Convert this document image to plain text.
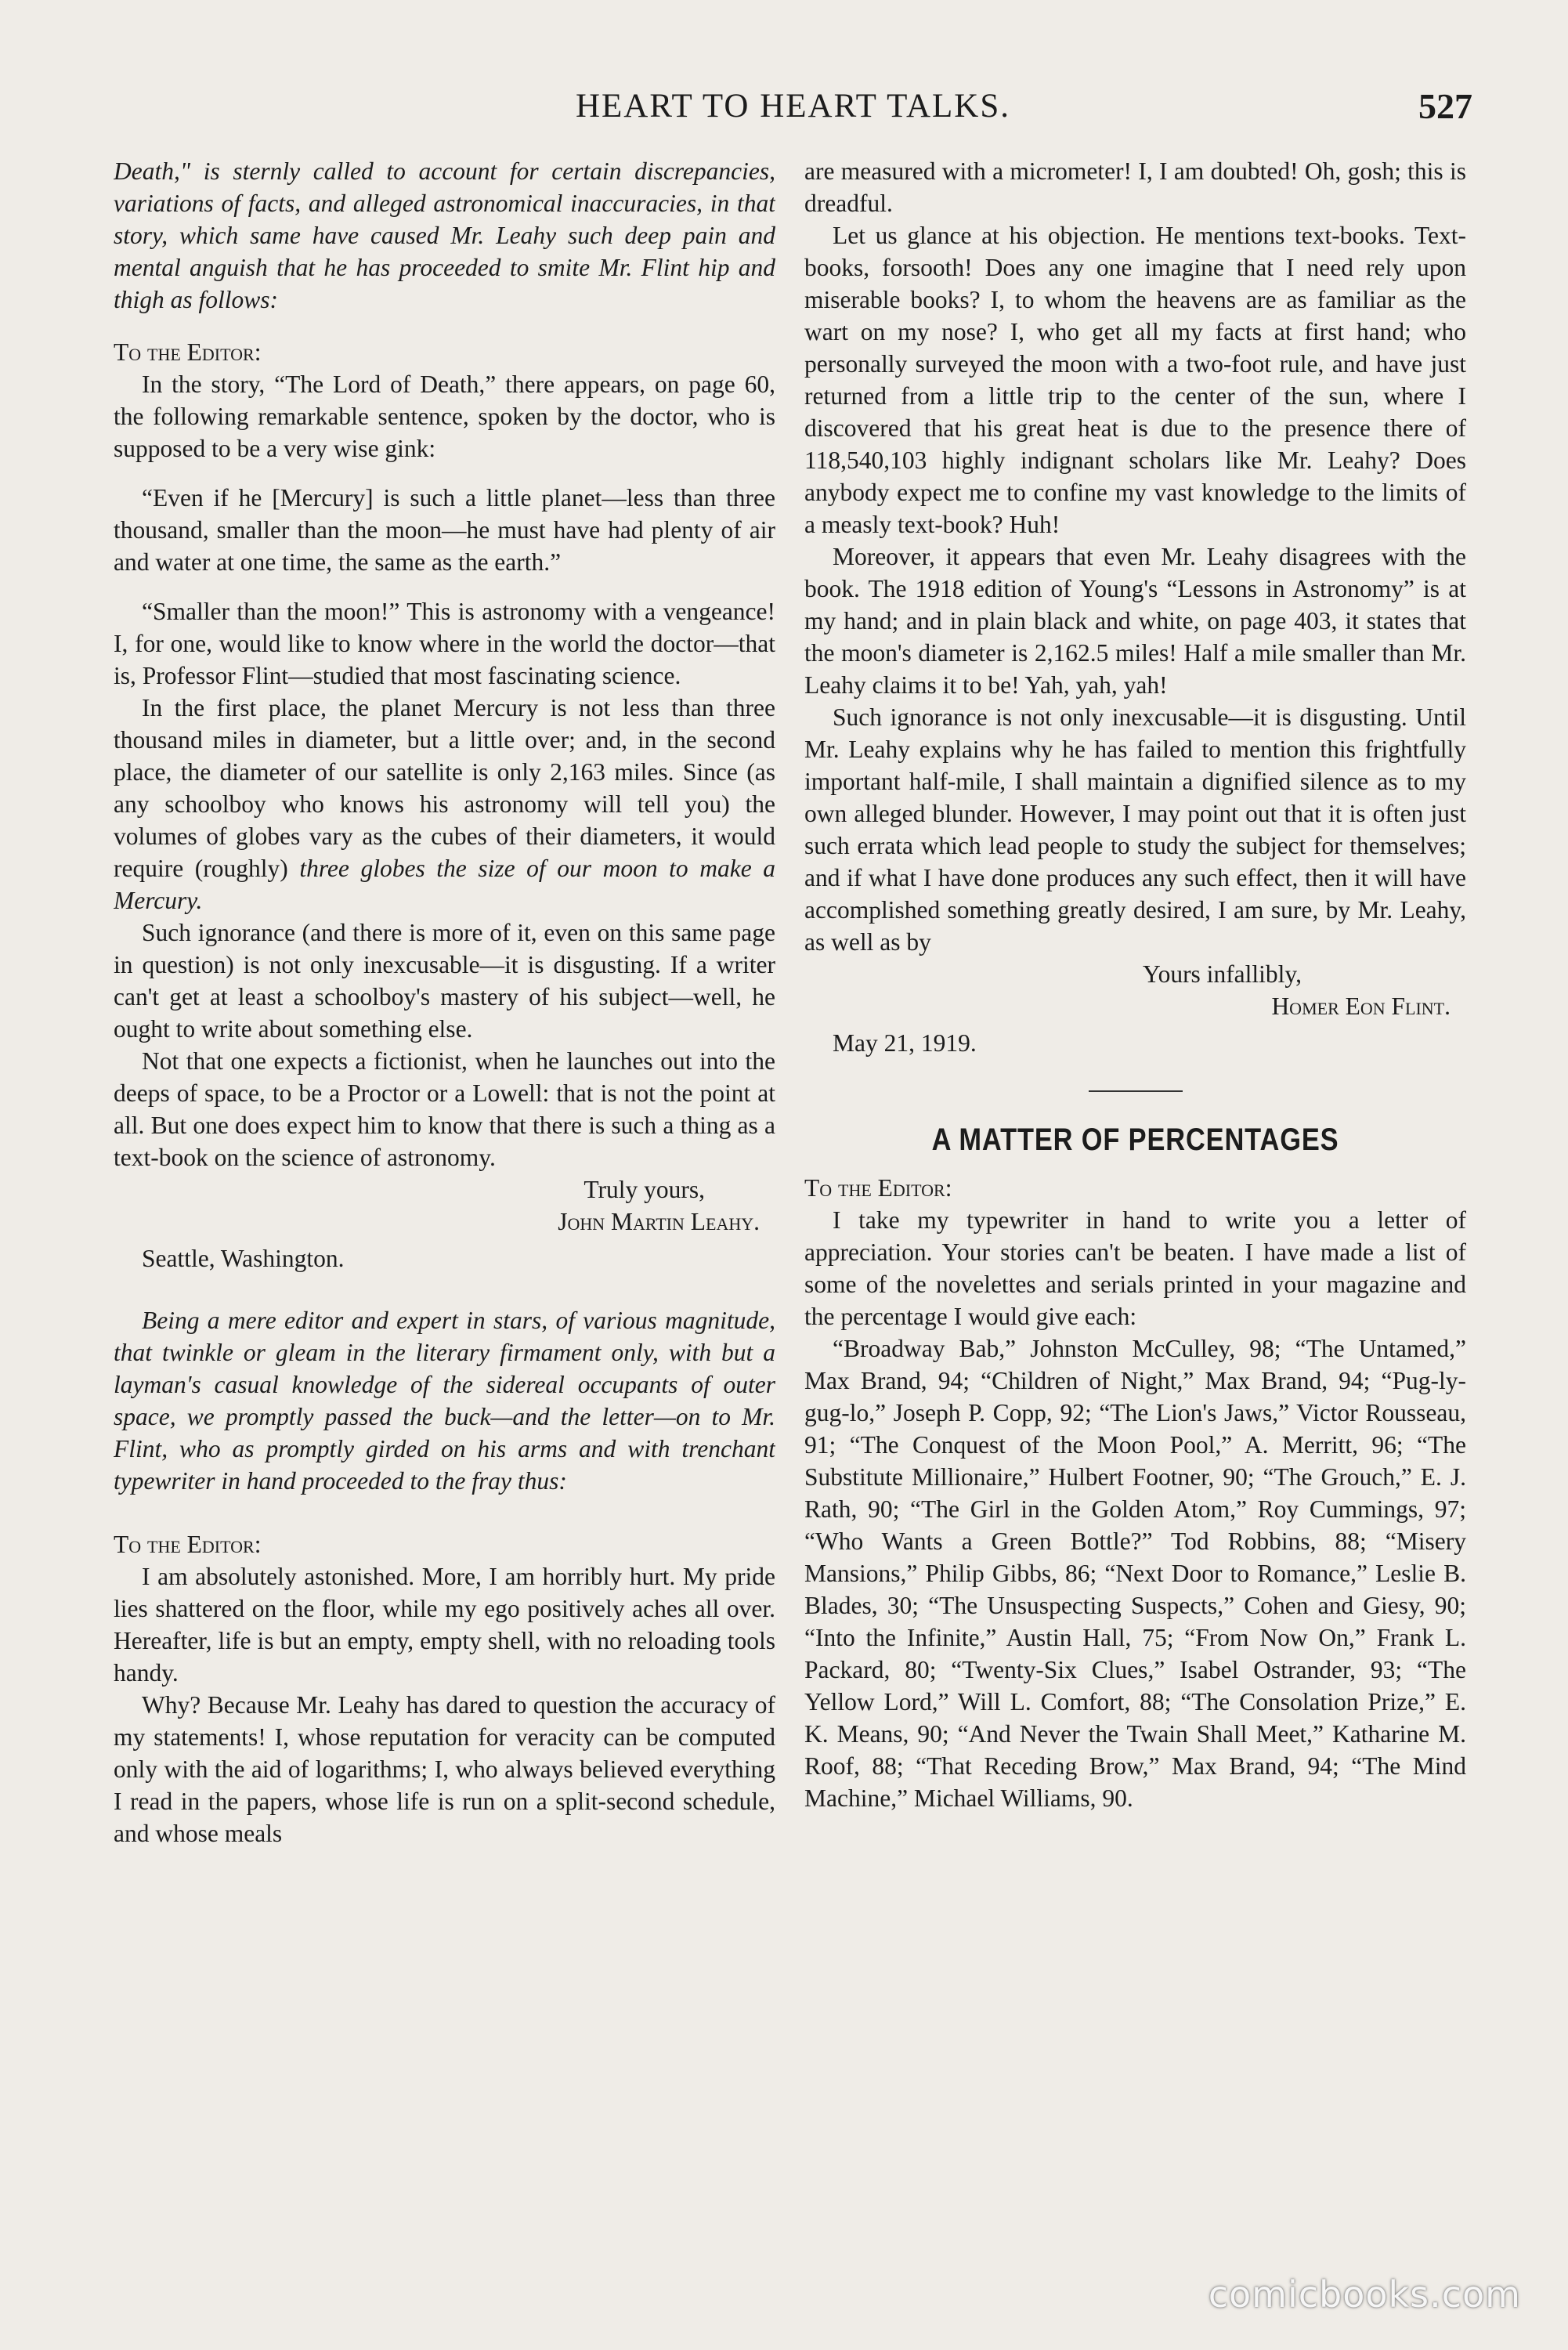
HEART TO HEART TALKS.	527

Death," is sternly called to account for certain discrepancies, variations of facts, and alleged astronomical inaccuracies, in that story, which same have caused Mr. Leahy such deep pain and mental anguish that he has proceeded to smite Mr. Flint hip and thigh as follows:

To the Editor:

In the story, “The Lord of Death,” there appears, on page 60, the following remarkable sentence, spoken by the doctor, who is supposed to be a very wise gink:

“Even if he [Mercury] is such a little planet—less than three thousand, smaller than the moon—he must have had plenty of air and water at one time, the same as the earth.”

“Smaller than the moon!” This is astronomy with a vengeance! I, for one, would like to know where in the world the doctor—that is, Professor Flint—studied that most fascinating science.

In the first place, the planet Mercury is not less than three thousand miles in diameter, but a little over; and, in the second place, the diameter of our satellite is only 2,163 miles. Since (as any schoolboy who knows his astronomy will tell you) the volumes of globes vary as the cubes of their diameters, it would require (roughly) three globes the size of our moon to make a Mercury.

Such ignorance (and there is more of it, even on this same page in question) is not only inexcusable—it is disgusting. If a writer can't get at least a schoolboy's mastery of his subject—well, he ought to write about something else.

Not that one expects a fictionist, when he launches out into the deeps of space, to be a Proctor or a Lowell: that is not the point at all. But one does expect him to know that there is such a thing as a text-book on the science of astronomy.

Truly yours,

John Martin Leahy.

Seattle, Washington.

Being a mere editor and expert in stars, of various magnitude, that twinkle or gleam in the literary firmament only, with but a layman's casual knowledge of the sidereal occupants of outer space, we promptly passed the buck—and the letter—on to Mr. Flint, who as promptly girded on his arms and with trenchant typewriter in hand proceeded to the fray thus:

To the Editor:

I am absolutely astonished. More, I am horribly hurt. My pride lies shattered on the floor, while my ego positively aches all over. Hereafter, life is but an empty, empty shell, with no reloading tools handy.

Why? Because Mr. Leahy has dared to question the accuracy of my statements! I, whose reputation for veracity can be computed only with the aid of logarithms; I, who always believed everything I read in the papers, whose life is run on a split-second schedule, and whose meals

are measured with a micrometer! I, I am doubted! Oh, gosh; this is dreadful.

Let us glance at his objection. He mentions text-books. Text-books, forsooth! Does any one imagine that I need rely upon miserable books? I, to whom the heavens are as familiar as the wart on my nose? I, who get all my facts at first hand; who personally surveyed the moon with a two-foot rule, and have just returned from a little trip to the center of the sun, where I discovered that his great heat is due to the presence there of 118,540,103 highly indignant scholars like Mr. Leahy? Does anybody expect me to confine my vast knowledge to the limits of a measly text-book? Huh!

Moreover, it appears that even Mr. Leahy disagrees with the book. The 1918 edition of Young's “Lessons in Astronomy” is at my hand; and in plain black and white, on page 403, it states that the moon's diameter is 2,162.5 miles! Half a mile smaller than Mr. Leahy claims it to be! Yah, yah, yah!

Such ignorance is not only inexcusable—it is disgusting. Until Mr. Leahy explains why he has failed to mention this frightfully important half-mile, I shall maintain a dignified silence as to my own alleged blunder. However, I may point out that it is often just such errata which lead people to study the subject for themselves; and if what I have done produces any such effect, then it will have accomplished something greatly desired, I am sure, by Mr. Leahy, as well as by

Yours infallibly,

Homer Eon Flint.

May 21, 1919.

A MATTER OF PERCENTAGES

To the Editor:

I take my typewriter in hand to write you a letter of appreciation. Your stories can't be beaten. I have made a list of some of the novelettes and serials printed in your magazine and the percentage I would give each:

“Broadway Bab,” Johnston McCulley, 98; “The Untamed,” Max Brand, 94; “Children of Night,” Max Brand, 94; “Pug-ly-gug-lo,” Joseph P. Copp, 92; “The Lion's Jaws,” Victor Rousseau, 91; “The Conquest of the Moon Pool,” A. Merritt, 96; “The Substitute Millionaire,” Hulbert Footner, 90; “The Grouch,” E. J. Rath, 90; “The Girl in the Golden Atom,” Roy Cummings, 97; “Who Wants a Green Bottle?” Tod Robbins, 88; “Misery Mansions,” Philip Gibbs, 86; “Next Door to Romance,” Leslie B. Blades, 30; “The Unsuspecting Suspects,” Cohen and Giesy, 90; “Into the Infinite,” Austin Hall, 75; “From Now On,” Frank L. Packard, 80; “Twenty-Six Clues,” Isabel Ostrander, 93; “The Yellow Lord,” Will L. Comfort, 88; “The Consolation Prize,” E. K. Means, 90; “And Never the Twain Shall Meet,” Katharine M. Roof, 88; “That Receding Brow,” Max Brand, 94; “The Mind Machine,” Michael Williams, 90.

comicbooks.com
